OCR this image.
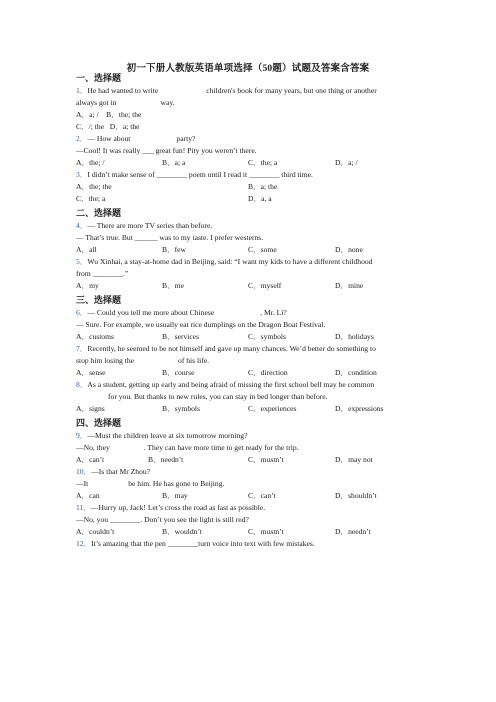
初一下册人教版英语单项选择（50题）试题及答案含答案
一、选择题
1．He had wanted to write	children's book for many years, but one thing or another
always got in	way.
A．a; / B．the; the
C．/; the D．a; the
2．— How about	party?
—Cool! It was really ___ great fun! Pity you weren’t there.
A．the; /	B．a; a	C．the; a	D．a; /
3．I didn’t make sense of ________ poem until I read it ________ third time.
A．the; the	B．a; the
C．the; a	D．a, a
二、选择题
4．— There are more TV series than before.
— That’s true. But ______ was to my taste. I prefer westerns.
A．all	B．few	C．some	D．none
5．Wu Xinhai, a stay-at-home dad in Beijing, said: “I want my kids to have a different childhood
from ________.”
A．my	B．me	C．myself	D．mine
三、选择题
6．— Could you tell me more about Chinese	, Mr. Li?
— Sure. For example, we usually eat rice dumplings on the Dragon Boat Festival.
A．customs	B．services	C．symbols	D．holidays
7．Recently, he seemed to be not himself and gave up many chances. We’d better do something to
stop him losing the	of his life.
A．sense	B．course	C．direction	D．condition
8．As a student, getting up early and being afraid of missing the first school bell may be common
for you. But thanks to new rules, you can stay in bed longer than before.
A．signs	B．symbols	C．experiences	D．expressions
四、选择题
9．—Must the children leave at six tomorrow morning?
—No, they	. They can have more time to get ready for the trip.
A．can’t	B．needn’t	C．mustn’t	D．may not
10．—Is that Mr Zhou?
—It	be him. He has gone to Beijing.
A．can	B．may	C．can’t	D．shouldn’t
11．—Hurry up, Jack! Let’s cross the road as fast as possible.
—No, you ________. Don’t you see the light is still red?
A．couldn’t	B．wouldn’t	C．mustn’t	D．needn’t
12．It’s amazing that the pen ________turn voice into text with few mistakes.
